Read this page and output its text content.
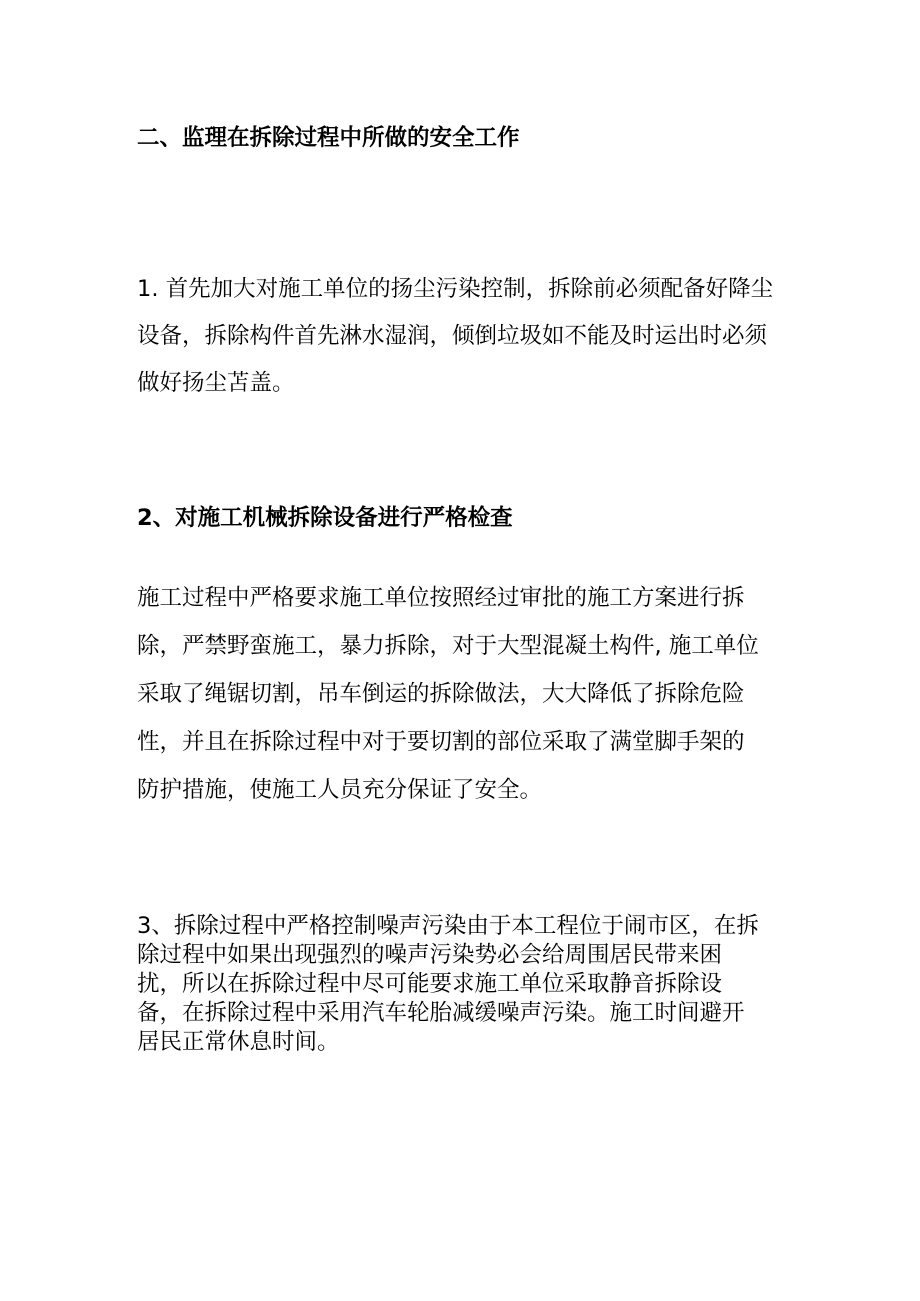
二、监理在拆除过程中所做的安全工作

1. 首先加大对施工单位的扬尘污染控制，拆除前必须配备好降尘
设备，拆除构件首先淋水湿润，倾倒垃圾如不能及时运出时必须
做好扬尘苫盖。

2、对施工机械拆除设备进行严格检查

施工过程中严格要求施工单位按照经过审批的施工方案进行拆
除，严禁野蛮施工，暴力拆除，对于大型混凝土构件, 施工单位
采取了绳锯切割，吊车倒运的拆除做法，大大降低了拆除危险
性，并且在拆除过程中对于要切割的部位采取了满堂脚手架的
防护措施，使施工人员充分保证了安全。

3、拆除过程中严格控制噪声污染由于本工程位于闹市区，在拆
除过程中如果出现强烈的噪声污染势必会给周围居民带来困
扰，所以在拆除过程中尽可能要求施工单位采取静音拆除设
备，在拆除过程中采用汽车轮胎减缓噪声污染。施工时间避开
居民正常休息时间。
